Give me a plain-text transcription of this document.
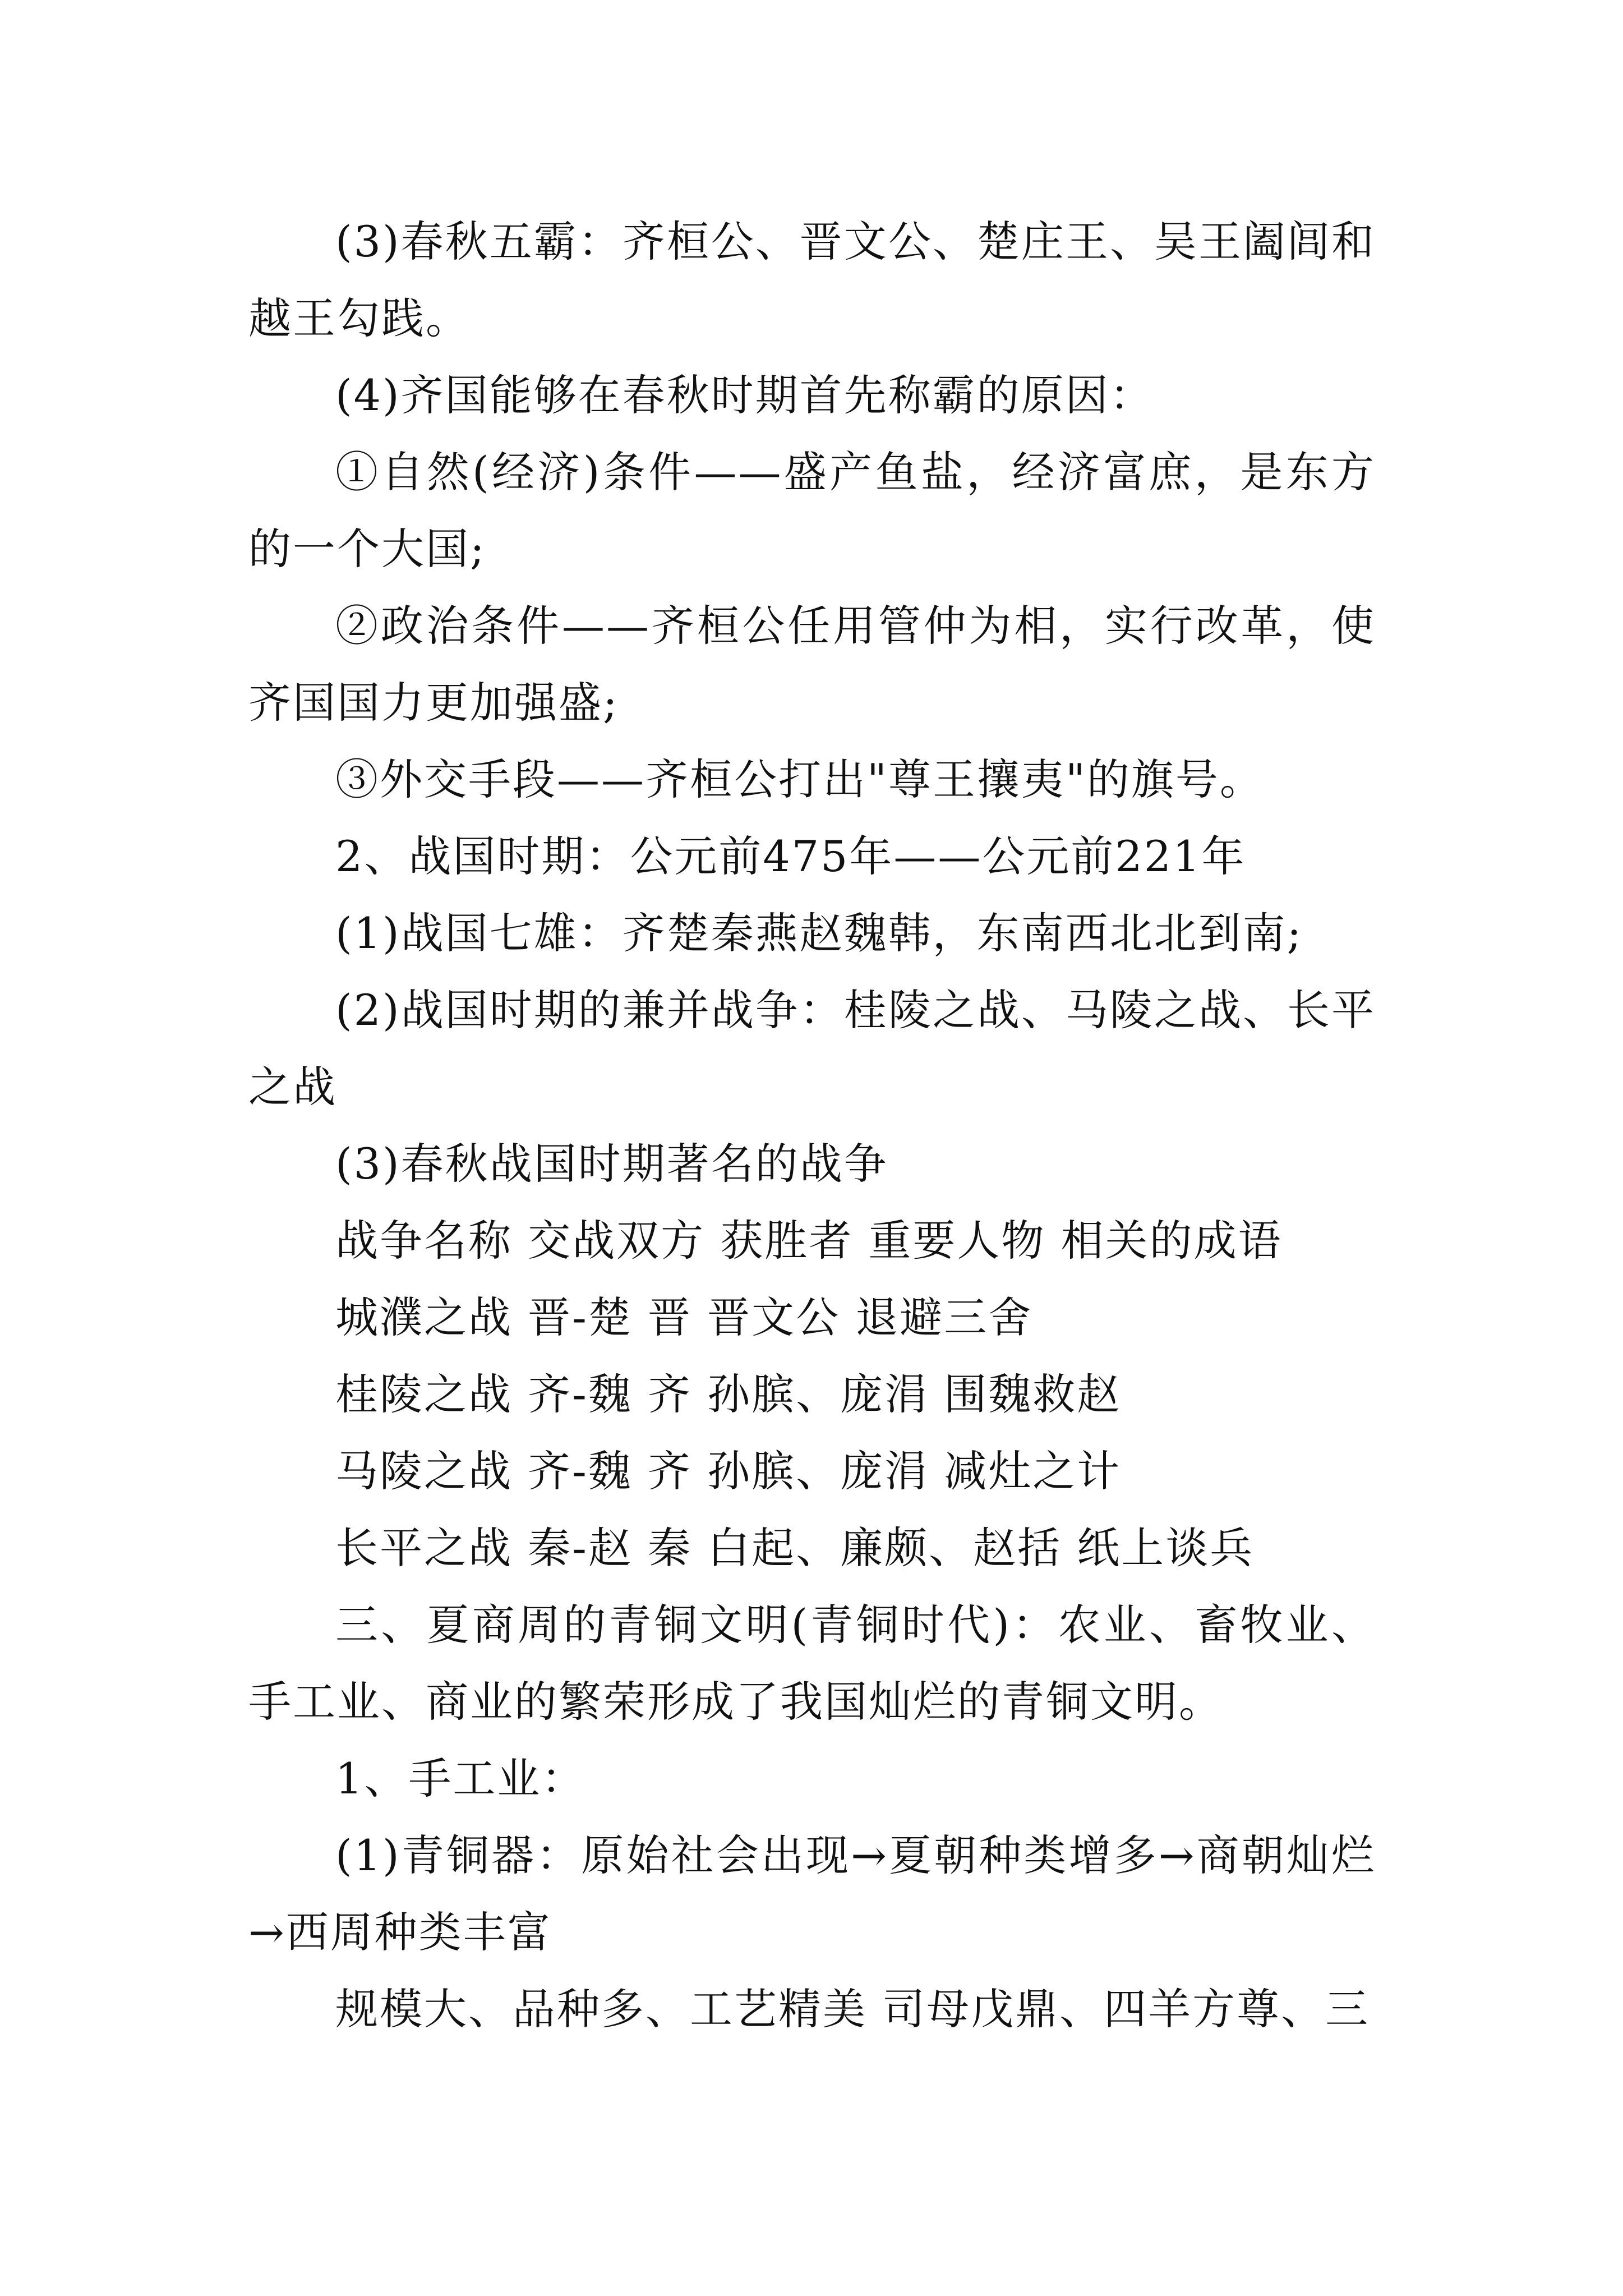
(3)春秋五霸：齐桓公、晋文公、楚庄王、吴王阖闾和越王勾践。

(4)齐国能够在春秋时期首先称霸的原因：

①自然(经济)条件——盛产鱼盐，经济富庶，是东方的一个大国;

②政治条件——齐桓公任用管仲为相，实行改革，使齐国国力更加强盛;

③外交手段——齐桓公打出"尊王攘夷"的旗号。

2、战国时期：公元前475年——公元前221年

(1)战国七雄：齐楚秦燕赵魏韩，东南西北北到南;

(2)战国时期的兼并战争：桂陵之战、马陵之战、长平之战

(3)春秋战国时期著名的战争

战争名称 交战双方 获胜者 重要人物 相关的成语

城濮之战 晋-楚 晋 晋文公 退避三舍

桂陵之战 齐-魏 齐 孙膑、庞涓 围魏救赵

马陵之战 齐-魏 齐 孙膑、庞涓 减灶之计

长平之战 秦-赵 秦 白起、廉颇、赵括 纸上谈兵

三、夏商周的青铜文明(青铜时代)：农业、畜牧业、手工业、商业的繁荣形成了我国灿烂的青铜文明。

1、手工业：

(1)青铜器：原始社会出现→夏朝种类增多→商朝灿烂→西周种类丰富

规模大、品种多、工艺精美 司母戊鼎、四羊方尊、三
